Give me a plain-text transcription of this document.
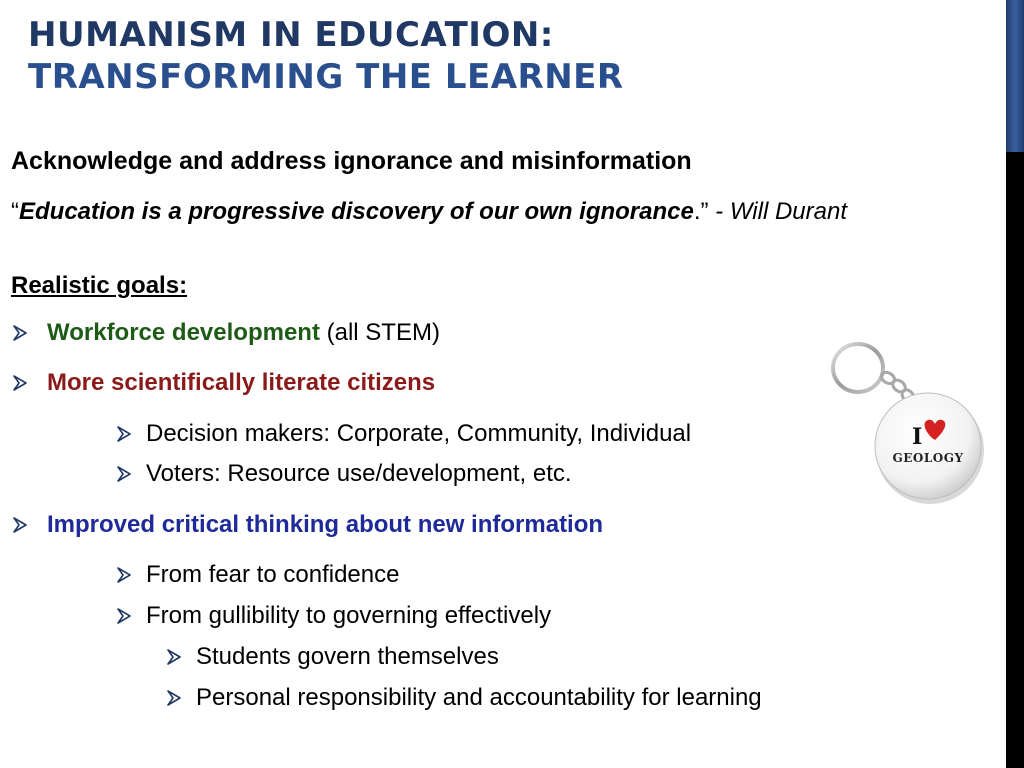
HUMANISM IN EDUCATION:
TRANSFORMING THE LEARNER
Acknowledge and address ignorance and misinformation
“Education is a progressive discovery of our own ignorance.” - Will Durant
Realistic goals:
Workforce development (all STEM)
More scientifically literate citizens
Decision makers: Corporate, Community, Individual
Voters: Resource use/development, etc.
Improved critical thinking about new information
From fear to confidence
From gullibility to governing effectively
Students govern themselves
Personal responsibility and accountability for learning
I
GEOLOGY
